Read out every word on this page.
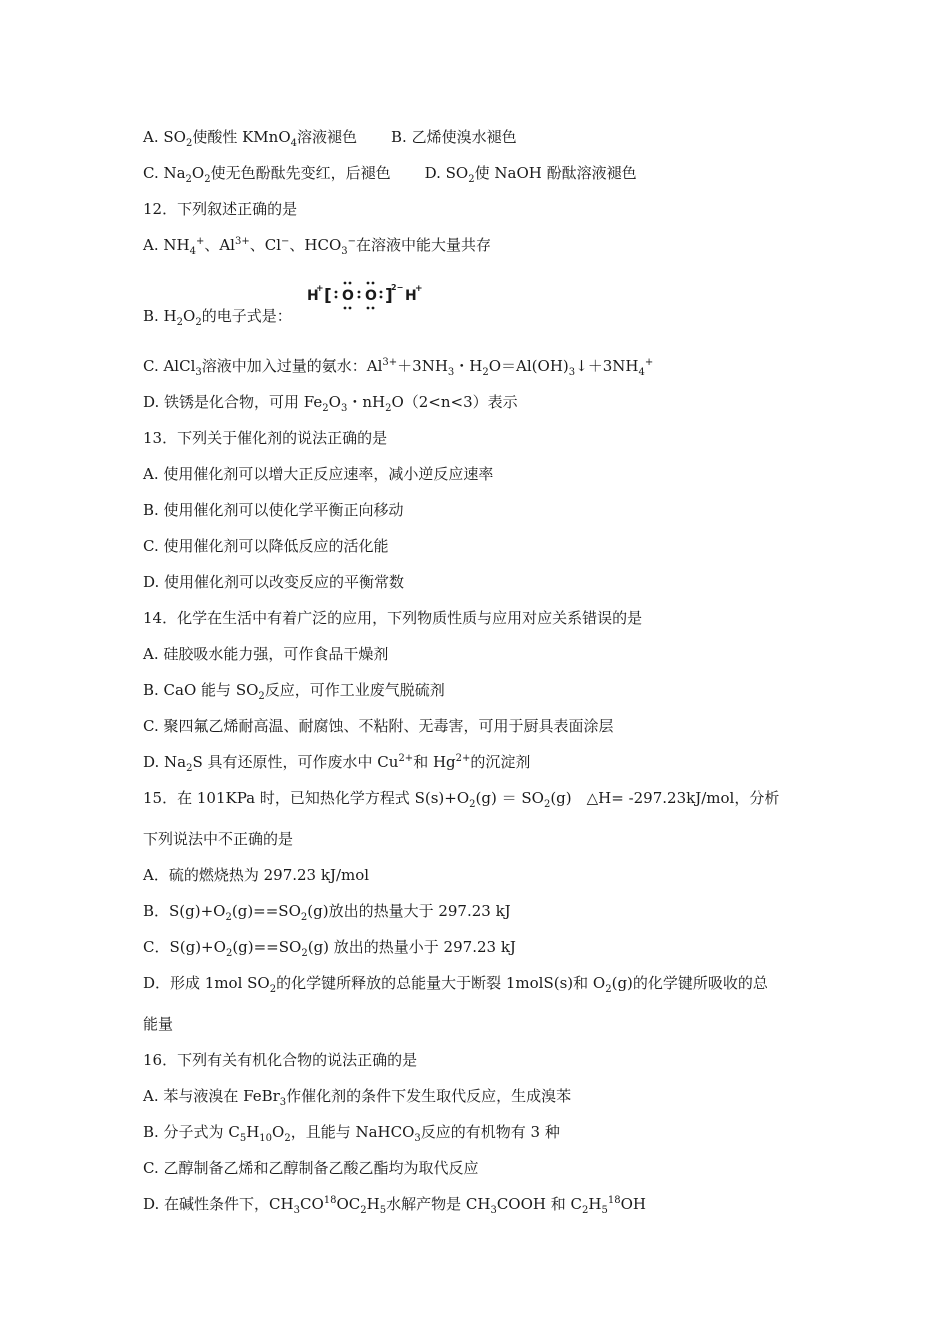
A. $SO_2$使酸性 KMnO$_4$溶液褪色 B. 乙烯使溴水褪色
C. $Na_2O_2$使无色酚酞先变红，后褪色 D. $SO_2$使 NaOH 酚酞溶液褪色
12．下列叙述正确的是
A. $NH_4^+$、$Al^{3+}$、Cl−、$HCO_3^-$在溶液中能大量共存
H
+ [ O O ]
2−
H
+
B. $H_2O_2$的电子式是：
C. AlCl$_3$溶液中加入过量的氨水：$Al^{3+}+3NH_3$・$H_2O=Al(OH)_3↓+3NH_4^+$
D. 铁锈是化合物，可用 $Fe_2O_3$・$nH_2O(2<n<3)$表示
13．下列关于催化剂的说法正确的是
A. 使用催化剂可以增大正反应速率，减小逆反应速率
B. 使用催化剂可以使化学平衡正向移动
C. 使用催化剂可以降低反应的活化能
D. 使用催化剂可以改变反应的平衡常数
14．化学在生活中有着广泛的应用，下列物质性质与应用对应关系错误的是
A. 硅胶吸水能力强，可作食品干燥剂
B. CaO 能与 $SO_2$反应，可作工业废气脱硫剂
C. 聚四氟乙烯耐高温、耐腐蚀、不粘附、无毒害，可用于厨具表面涂层
D. $Na_2S$ 具有还原性，可作废水中 $Cu^{2+}$和 $Hg^{2+}$的沉淀剂
15．在 101KPa 时，已知热化学方程式 $S(s)+O_2(g) = SO_2(g)$　△H= -297.23kJ/mol，分析
下列说法中不正确的是
A．硫的燃烧热为 297.23 kJ/mol
B．$S(g)+O_2(g)==SO_2(g)$放出的热量大于 297.23 kJ
C．$S(g)+O_2(g)==SO_2(g)$ 放出的热量小于 297.23 kJ
D．形成 1mol $SO_2$的化学键所释放的总能量大于断裂 1molS(s)和 $O_2(g)$的化学键所吸收的总
能量
16．下列有关有机化合物的说法正确的是
A. 苯与液溴在 FeBr$_3$作催化剂的条件下发生取代反应，生成溴苯
B. 分子式为 $C_5H_{10}O_2$，且能与 NaHCO$_3$反应的有机物有 3 种
C. 乙醇制备乙烯和乙醇制备乙酸乙酯均为取代反应
D. 在碱性条件下，$CH_3CO^{18}OC_2H_5$水解产物是 $CH_3COOH$ 和 $C_2H_5^{18}OH$
